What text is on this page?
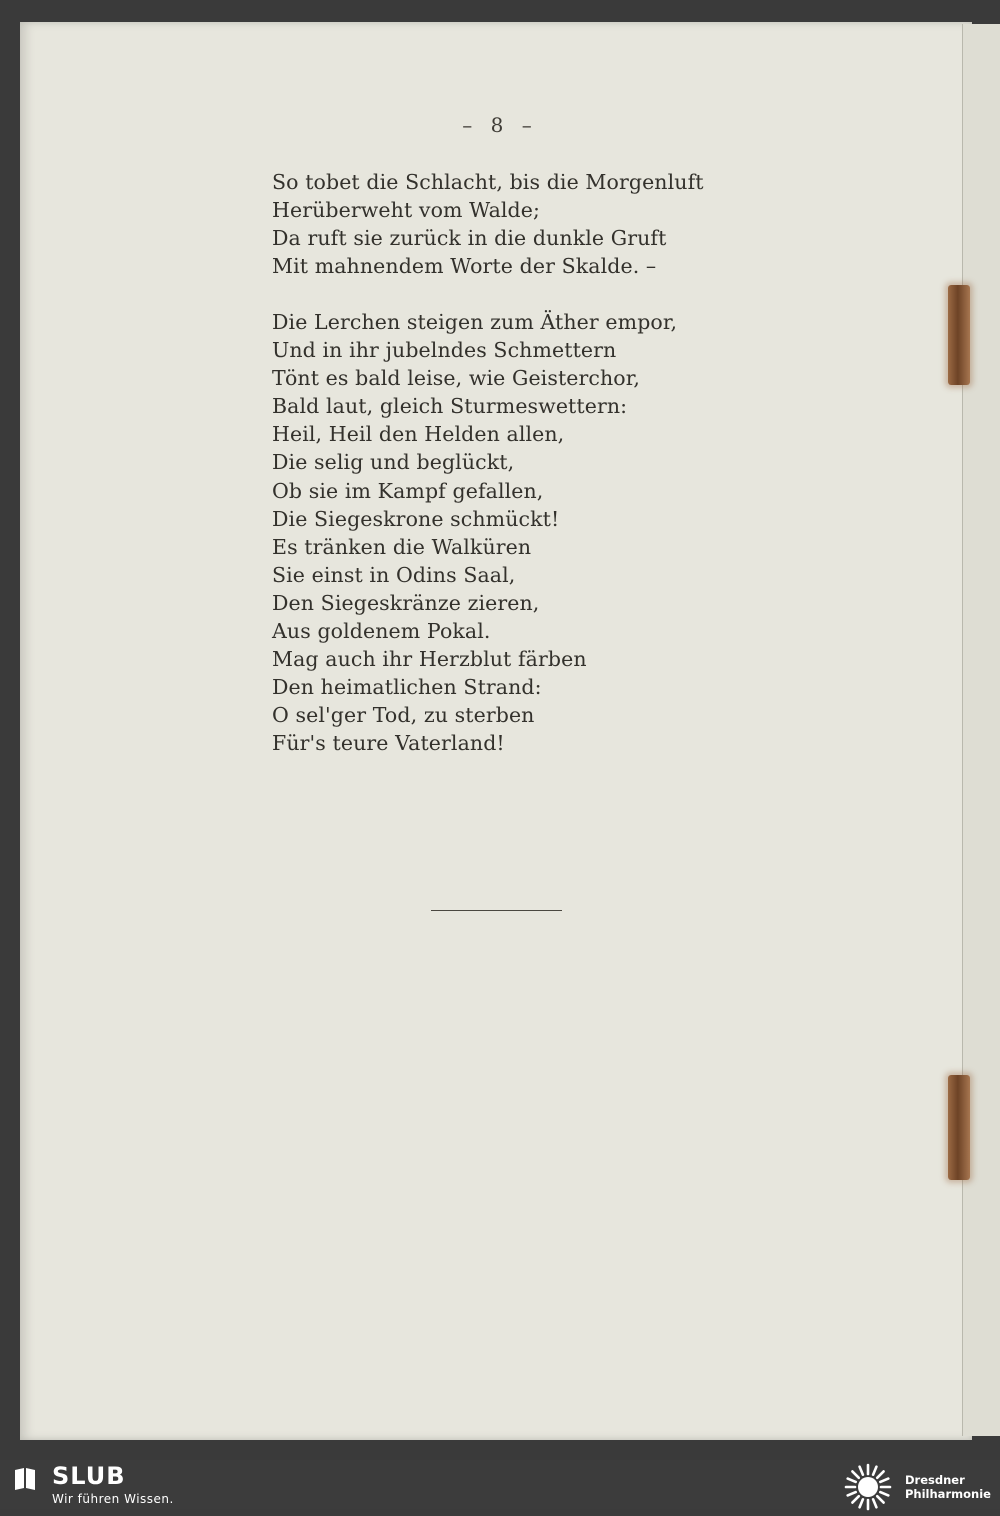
– 8 –
So tobet die Schlacht, bis die Morgenluft
Herüberweht vom Walde;
Da ruft sie zurück in die dunkle Gruft
Mit mahnendem Worte der Skalde. –
Die Lerchen steigen zum Äther empor,
Und in ihr jubelndes Schmettern
Tönt es bald leise, wie Geisterchor,
Bald laut, gleich Sturmeswettern:
Heil, Heil den Helden allen,
Die selig und beglückt,
Ob sie im Kampf gefallen,
Die Siegeskrone schmückt!
Es tränken die Walküren
Sie einst in Odins Saal,
Den Siegeskränze zieren,
Aus goldenem Pokal.
Mag auch ihr Herzblut färben
Den heimatlichen Strand:
O sel'ger Tod, zu sterben
Für's teure Vaterland!
SLUB
Wir führen Wissen.
Dresdner
Philharmonie
